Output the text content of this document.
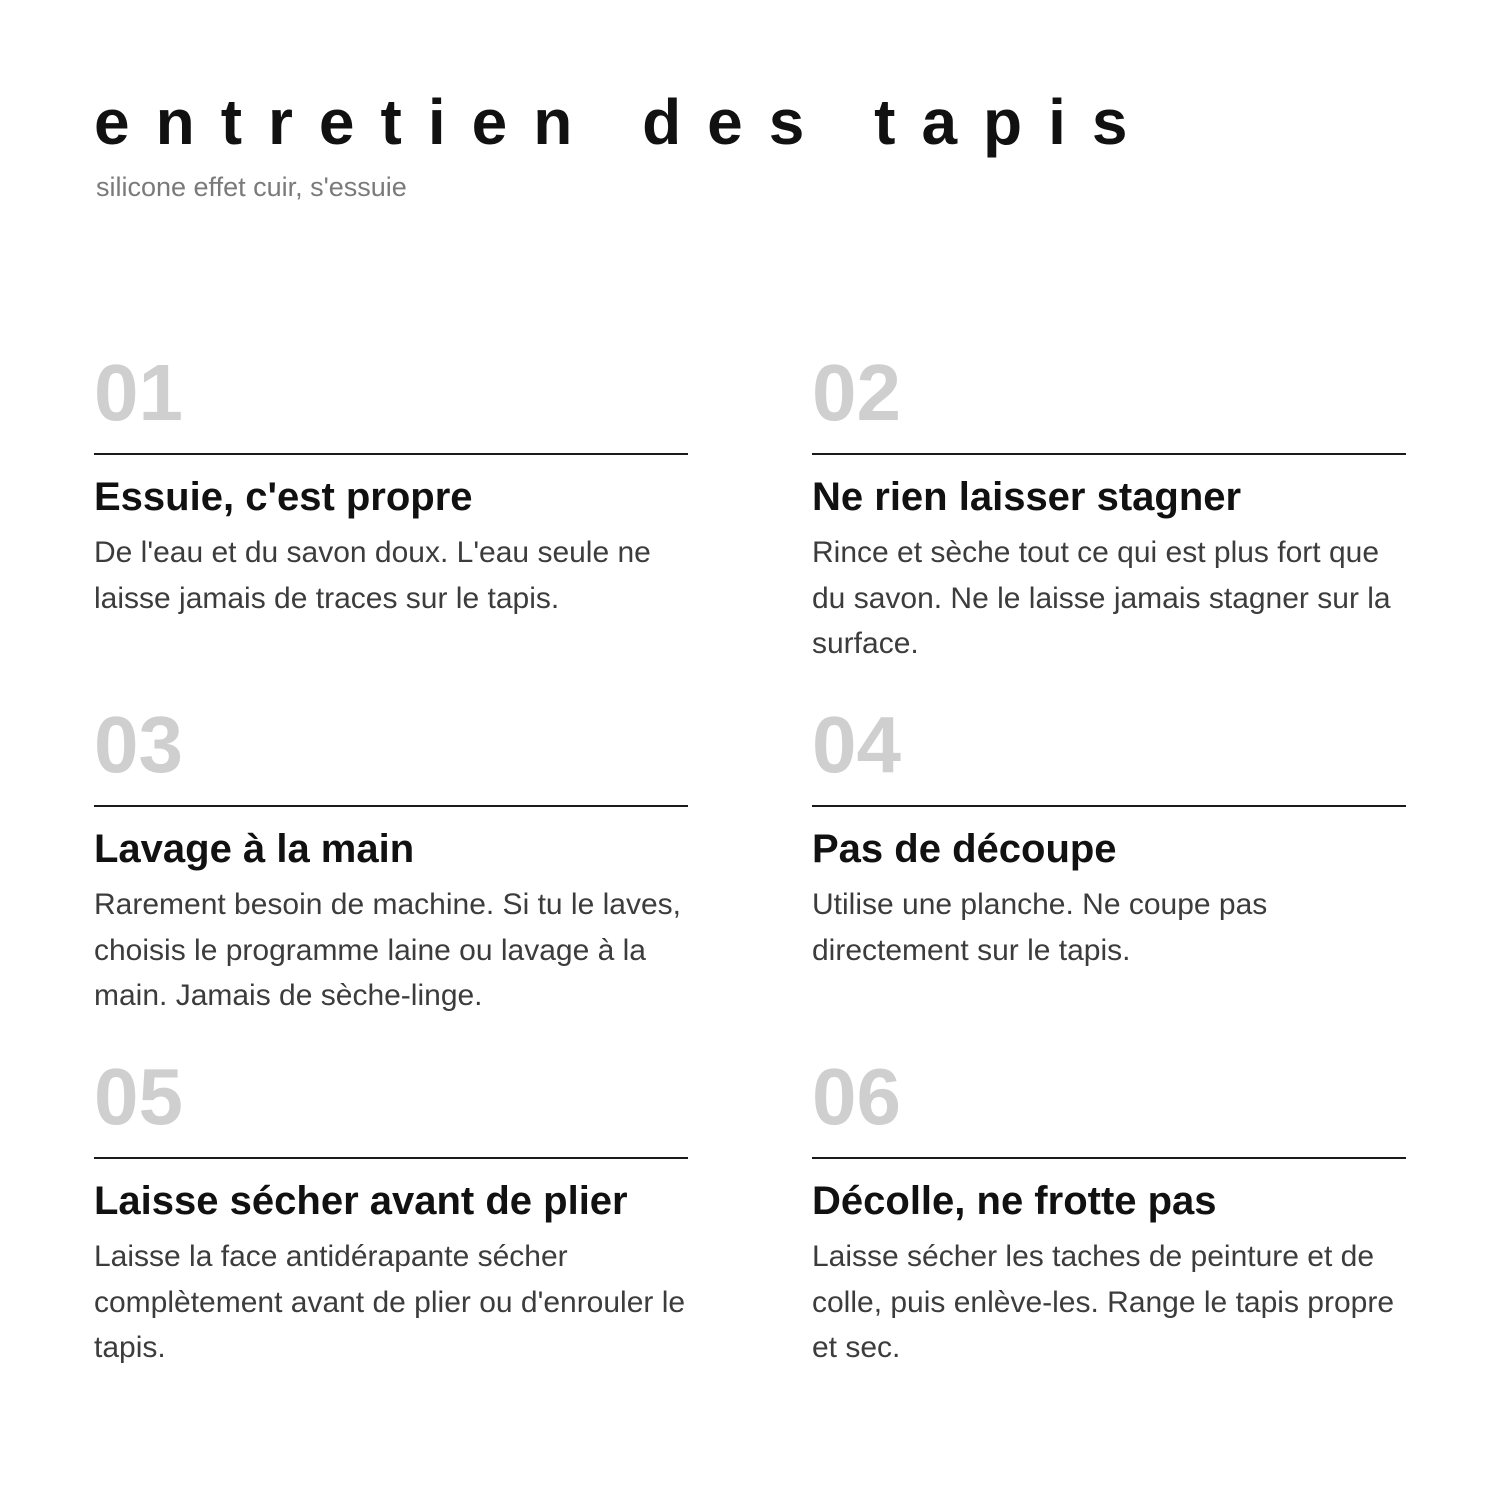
entretien des tapis
silicone effet cuir, s'essuie
01
Essuie, c'est propre

De l'eau et du savon doux. L'eau seule ne laisse jamais de traces sur le tapis.

02
Ne rien laisser stagner

Rince et sèche tout ce qui est plus fort que du savon. Ne le laisse jamais stagner sur la surface.

03
Lavage à la main

Rarement besoin de machine. Si tu le laves, choisis le programme laine ou lavage à la main. Jamais de sèche-linge.

04
Pas de découpe

Utilise une planche. Ne coupe pas directement sur le tapis.

05
Laisse sécher avant de plier

Laisse la face antidérapante sécher complètement avant de plier ou d'enrouler le tapis.

06
Décolle, ne frotte pas

Laisse sécher les taches de peinture et de colle, puis enlève-les. Range le tapis propre et sec.
